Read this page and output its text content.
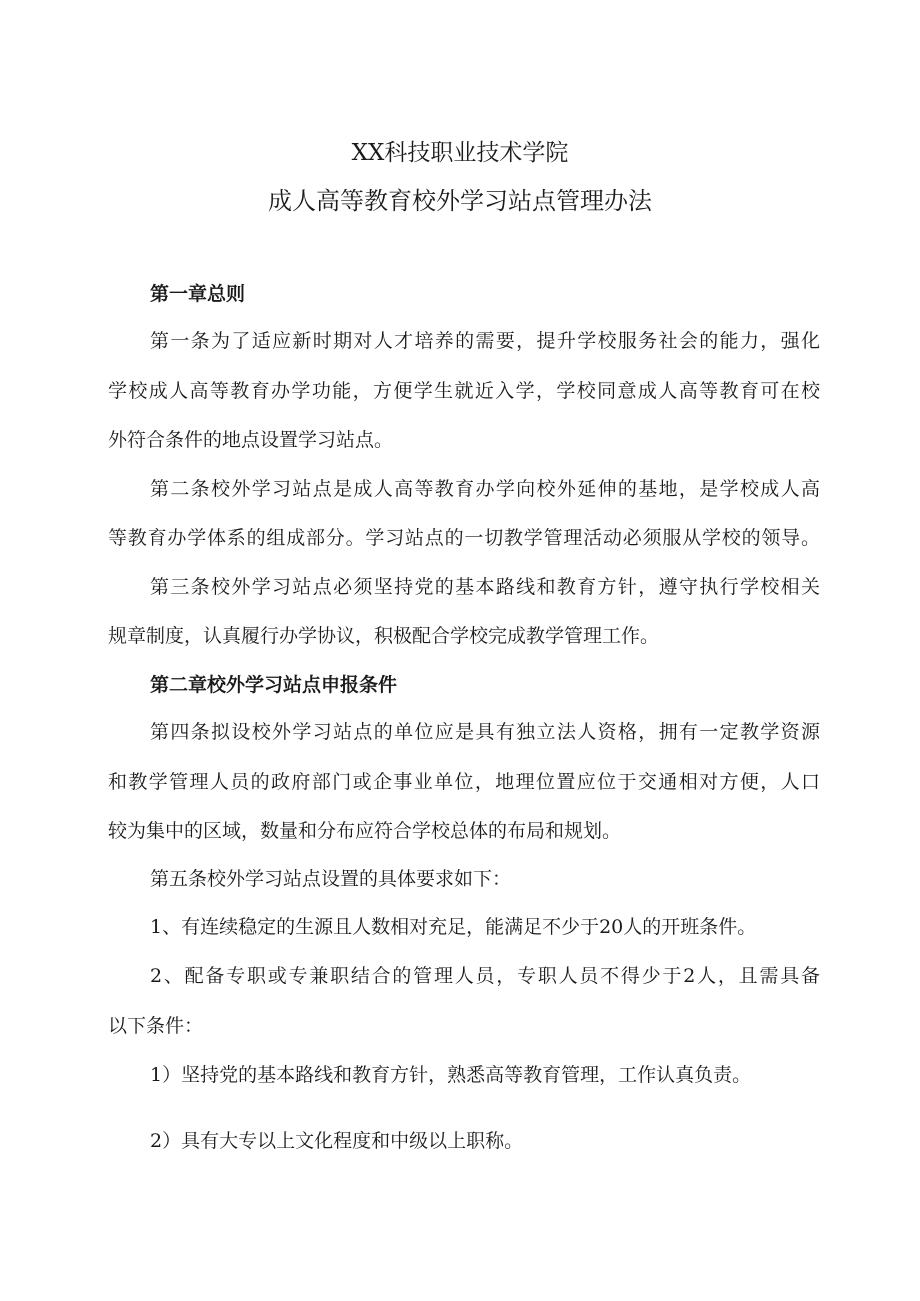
XX科技职业技术学院
成人高等教育校外学习站点管理办法
第一章总则
第一条为了适应新时期对人才培养的需要，提升学校服务社会的能力，强化
学校成人高等教育办学功能，方便学生就近入学，学校同意成人高等教育可在校
外符合条件的地点设置学习站点。
第二条校外学习站点是成人高等教育办学向校外延伸的基地，是学校成人高
等教育办学体系的组成部分。学习站点的一切教学管理活动必须服从学校的领导。
第三条校外学习站点必须坚持党的基本路线和教育方针，遵守执行学校相关
规章制度，认真履行办学协议，积极配合学校完成教学管理工作。
第二章校外学习站点申报条件
第四条拟设校外学习站点的单位应是具有独立法人资格，拥有一定教学资源
和教学管理人员的政府部门或企事业单位，地理位置应位于交通相对方便，人口
较为集中的区域，数量和分布应符合学校总体的布局和规划。
第五条校外学习站点设置的具体要求如下：
1、有连续稳定的生源且人数相对充足，能满足不少于20人的开班条件。
2、配备专职或专兼职结合的管理人员，专职人员不得少于2人，且需具备
以下条件：
1）坚持党的基本路线和教育方针，熟悉高等教育管理，工作认真负责。
2）具有大专以上文化程度和中级以上职称。
